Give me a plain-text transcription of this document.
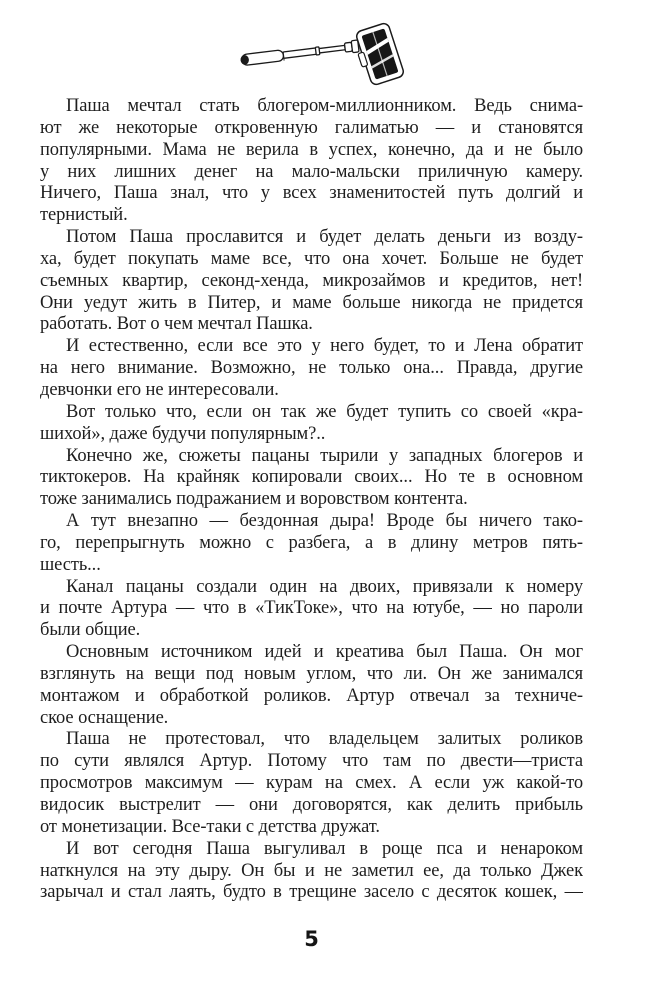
Паша мечтал стать блогером-миллионником. Ведь снима-
ют же некоторые откровенную галиматью — и становятся
популярными. Мама не верила в успех, конечно, да и не было
у них лишних денег на мало-мальски приличную камеру.
Ничего, Паша знал, что у всех знаменитостей путь долгий и
тернистый.
Потом Паша прославится и будет делать деньги из возду-
ха, будет покупать маме все, что она хочет. Больше не будет
съемных квартир, секонд-хенда, микрозаймов и кредитов, нет!
Они уедут жить в Питер, и маме больше никогда не придется
работать. Вот о чем мечтал Пашка.
И естественно, если все это у него будет, то и Лена обратит
на него внимание. Возможно, не только она... Правда, другие
девчонки его не интересовали.
Вот только что, если он так же будет тупить со своей «кра-
шихой», даже будучи популярным?..
Конечно же, сюжеты пацаны тырили у западных блогеров и
тиктокеров. На крайняк копировали своих... Но те в основном
тоже занимались подражанием и воровством контента.
А тут внезапно — бездонная дыра! Вроде бы ничего тако-
го, перепрыгнуть можно с разбега, а в длину метров пять-
шесть...
Канал пацаны создали один на двоих, привязали к номеру
и почте Артура — что в «ТикТоке», что на ютубе, — но пароли
были общие.
Основным источником идей и креатива был Паша. Он мог
взглянуть на вещи под новым углом, что ли. Он же занимался
монтажом и обработкой роликов. Артур отвечал за техниче-
ское оснащение.
Паша не протестовал, что владельцем залитых роликов
по сути являлся Артур. Потому что там по двести—триста
просмотров максимум — курам на смех. А если уж какой-то
видосик выстрелит — они договорятся, как делить прибыль
от монетизации. Все-таки с детства дружат.
И вот сегодня Паша выгуливал в роще пса и ненароком
наткнулся на эту дыру. Он бы и не заметил ее, да только Джек
зарычал и стал лаять, будто в трещине засело с десяток кошек, —
5
